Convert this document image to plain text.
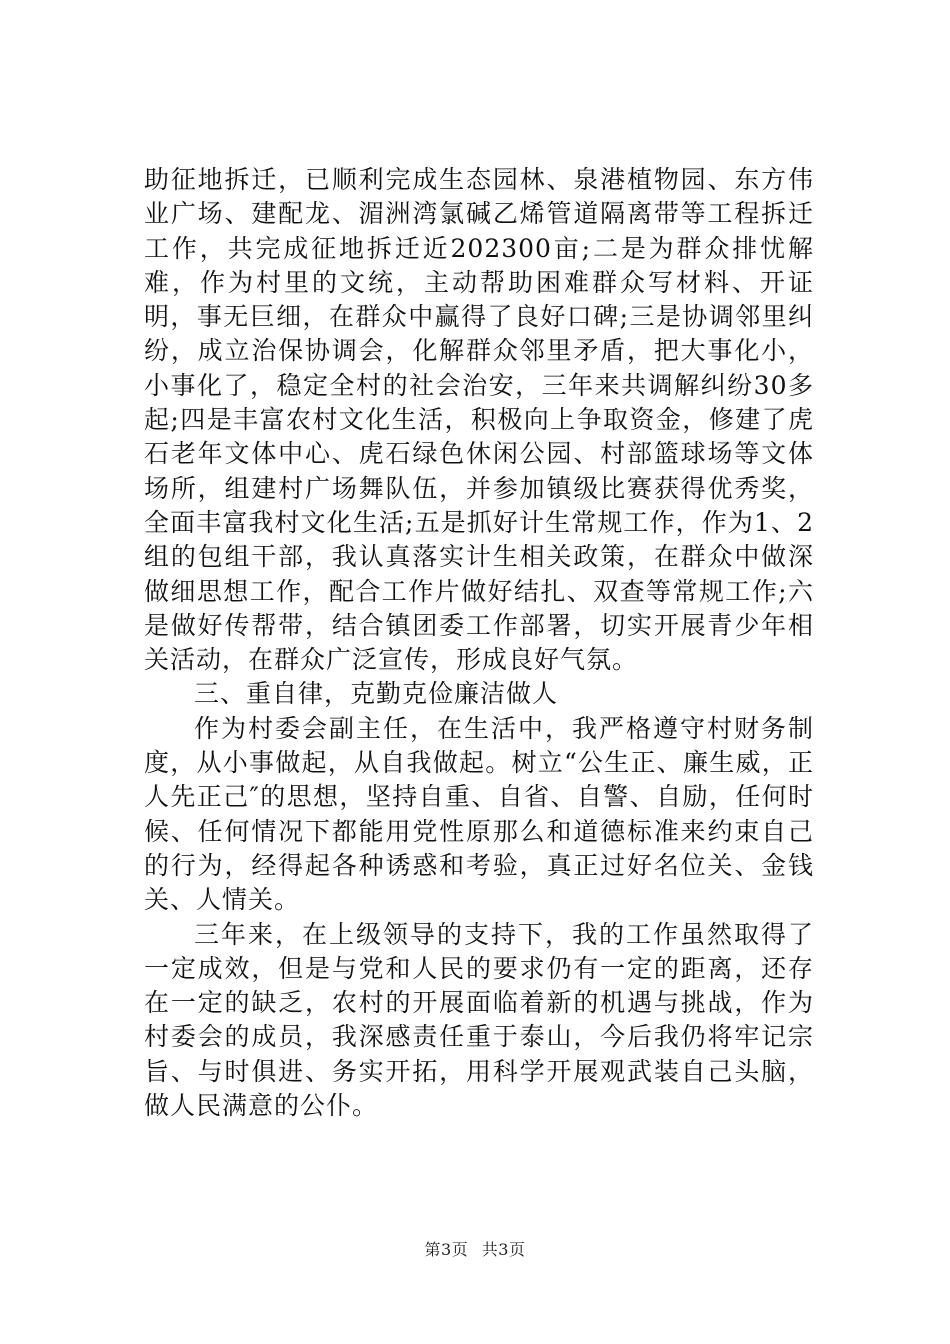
助征地拆迁，已顺利完成生态园林、泉港植物园、东方伟业广场、建配龙、湄洲湾氯碱乙烯管道隔离带等工程拆迁工作，共完成征地拆迁近202300亩;二是为群众排忧解难，作为村里的文统，主动帮助困难群众写材料、开证明，事无巨细，在群众中赢得了良好口碑;三是协调邻里纠纷，成立治保协调会，化解群众邻里矛盾，把大事化小，小事化了，稳定全村的社会治安，三年来共调解纠纷30多起;四是丰富农村文化生活，积极向上争取资金，修建了虎石老年文体中心、虎石绿色休闲公园、村部篮球场等文体场所，组建村广场舞队伍，并参加镇级比赛获得优秀奖，全面丰富我村文化生活;五是抓好计生常规工作，作为1、2组的包组干部，我认真落实计生相关政策，在群众中做深做细思想工作，配合工作片做好结扎、双查等常规工作;六是做好传帮带，结合镇团委工作部署，切实开展青少年相关活动，在群众广泛宣传，形成良好气氛。

三、重自律，克勤克俭廉洁做人

作为村委会副主任，在生活中，我严格遵守村财务制度，从小事做起，从自我做起。树立“公生正、廉生威，正人先正己″的思想，坚持自重、自省、自警、自励，任何时候、任何情况下都能用党性原那么和道德标准来约束自己的行为，经得起各种诱惑和考验，真正过好名位关、金钱关、人情关。

三年来，在上级领导的支持下，我的工作虽然取得了一定成效，但是与党和人民的要求仍有一定的距离，还存在一定的缺乏，农村的开展面临着新的机遇与挑战，作为村委会的成员，我深感责任重于泰山，今后我仍将牢记宗旨、与时俱进、务实开拓，用科学开展观武装自己头脑，做人民满意的公仆。

第3页 共3页
